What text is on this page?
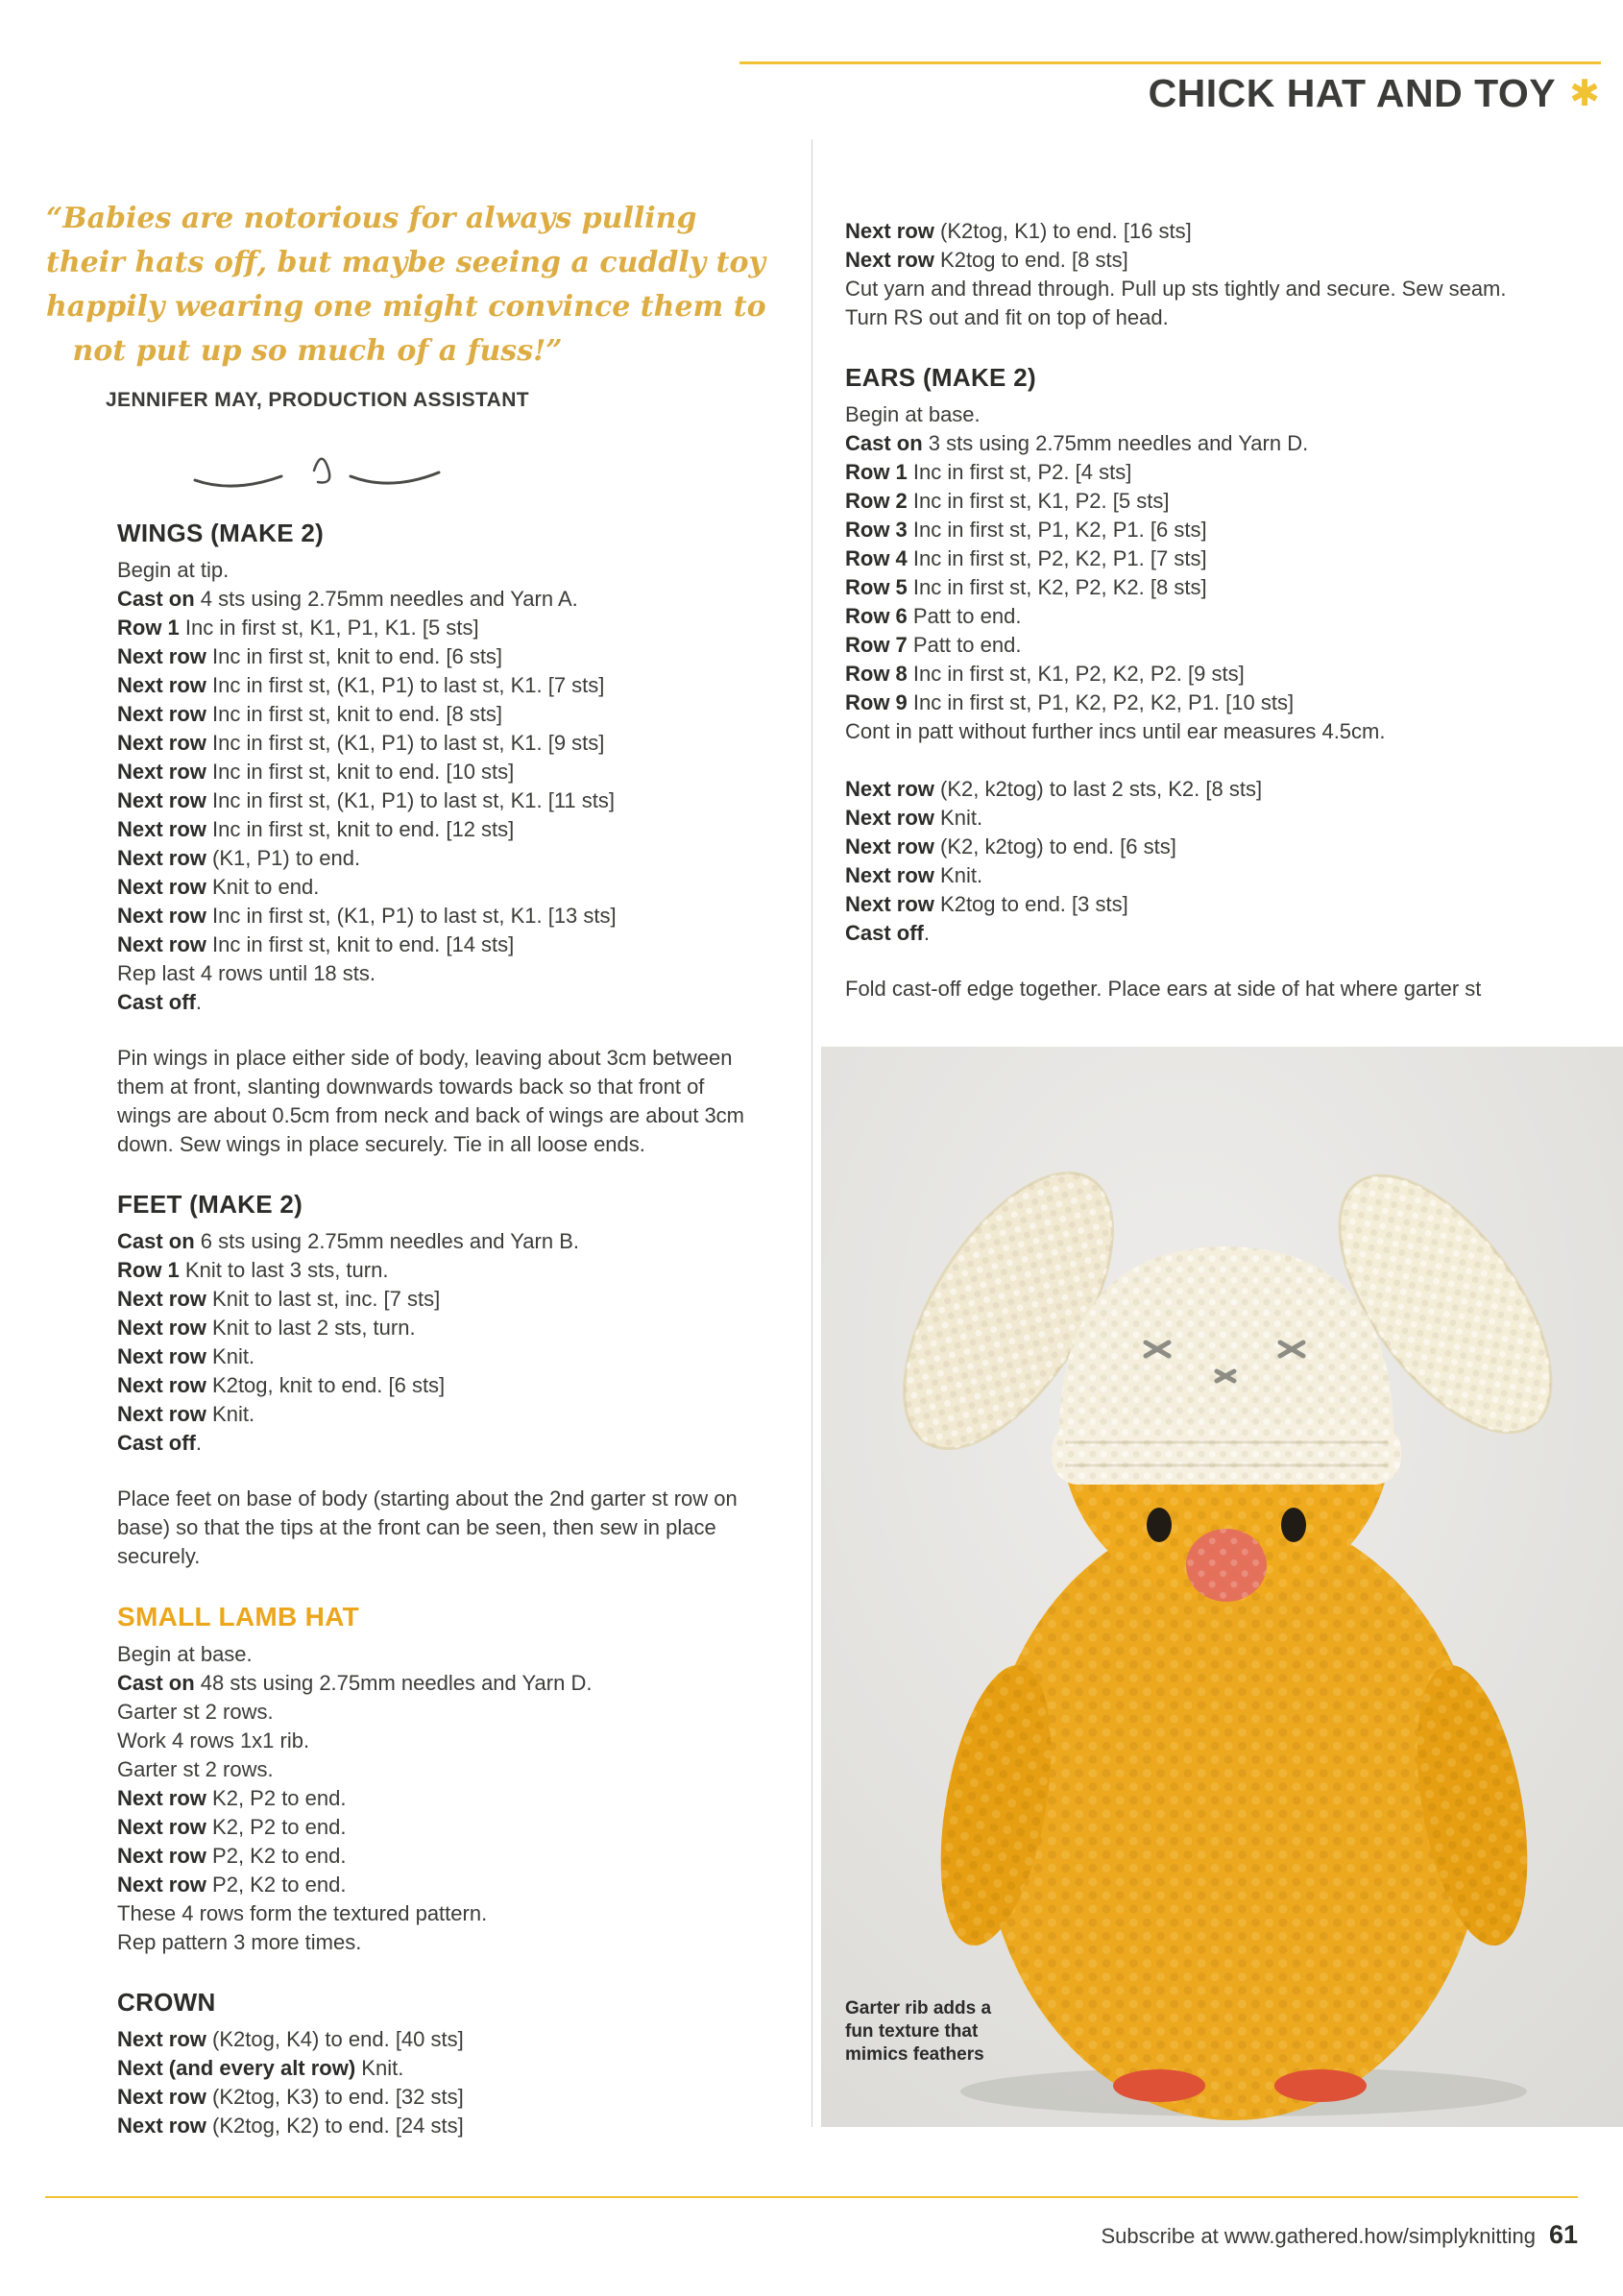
CHICK HAT AND TOY ✱
“Babies are notorious for always pulling
their hats off, but maybe seeing a cuddly toy
happily wearing one might convince them to
not put up so much of a fuss!”
JENNIFER MAY, PRODUCTION ASSISTANT
WINGS (MAKE 2)

Begin at tip.

Cast on 4 sts using 2.75mm needles and Yarn A.

Row 1 Inc in first st, K1, P1, K1. [5 sts]

Next row Inc in first st, knit to end. [6 sts]

Next row Inc in first st, (K1, P1) to last st, K1. [7 sts]

Next row Inc in first st, knit to end. [8 sts]

Next row Inc in first st, (K1, P1) to last st, K1. [9 sts]

Next row Inc in first st, knit to end. [10 sts]

Next row Inc in first st, (K1, P1) to last st, K1. [11 sts]

Next row Inc in first st, knit to end. [12 sts]

Next row (K1, P1) to end.

Next row Knit to end.

Next row Inc in first st, (K1, P1) to last st, K1. [13 sts]

Next row Inc in first st, knit to end. [14 sts]

Rep last 4 rows until 18 sts.

Cast off.

Pin wings in place either side of body, leaving about 3cm between them at front, slanting downwards towards back so that front of wings are about 0.5cm from neck and back of wings are about 3cm down. Sew wings in place securely. Tie in all loose ends.

FEET (MAKE 2)

Cast on 6 sts using 2.75mm needles and Yarn B.

Row 1 Knit to last 3 sts, turn.

Next row Knit to last st, inc. [7 sts]

Next row Knit to last 2 sts, turn.

Next row Knit.

Next row K2tog, knit to end. [6 sts]

Next row Knit.

Cast off.

Place feet on base of body (starting about the 2nd garter st row on base) so that the tips at the front can be seen, then sew in place securely.

SMALL LAMB HAT

Begin at base.

Cast on 48 sts using 2.75mm needles and Yarn D.

Garter st 2 rows.

Work 4 rows 1x1 rib.

Garter st 2 rows.

Next row K2, P2 to end.

Next row K2, P2 to end.

Next row P2, K2 to end.

Next row P2, K2 to end.

These 4 rows form the textured pattern.

Rep pattern 3 more times.

CROWN

Next row (K2tog, K4) to end. [40 sts]

Next (and every alt row) Knit.

Next row (K2tog, K3) to end. [32 sts]

Next row (K2tog, K2) to end. [24 sts]

Next row (K2tog, K1) to end. [16 sts]

Next row K2tog to end. [8 sts]

Cut yarn and thread through. Pull up sts tightly and secure. Sew seam. Turn RS out and fit on top of head.

EARS (MAKE 2)

Begin at base.

Cast on 3 sts using 2.75mm needles and Yarn D.

Row 1 Inc in first st, P2. [4 sts]

Row 2 Inc in first st, K1, P2. [5 sts]

Row 3 Inc in first st, P1, K2, P1. [6 sts]

Row 4 Inc in first st, P2, K2, P1. [7 sts]

Row 5 Inc in first st, K2, P2, K2. [8 sts]

Row 6 Patt to end.

Row 7 Patt to end.

Row 8 Inc in first st, K1, P2, K2, P2. [9 sts]

Row 9 Inc in first st, P1, K2, P2, K2, P1. [10 sts]

Cont in patt without further incs until ear measures 4.5cm.

Next row (K2, k2tog) to last 2 sts, K2. [8 sts]

Next row Knit.

Next row (K2, k2tog) to end. [6 sts]

Next row Knit.

Next row K2tog to end. [3 sts]

Cast off.

Fold cast-off edge together. Place ears at side of hat where garter st

Garter rib adds a
fun texture that
mimics feathers
Subscribe at www.gathered.how/simplyknitting 61
